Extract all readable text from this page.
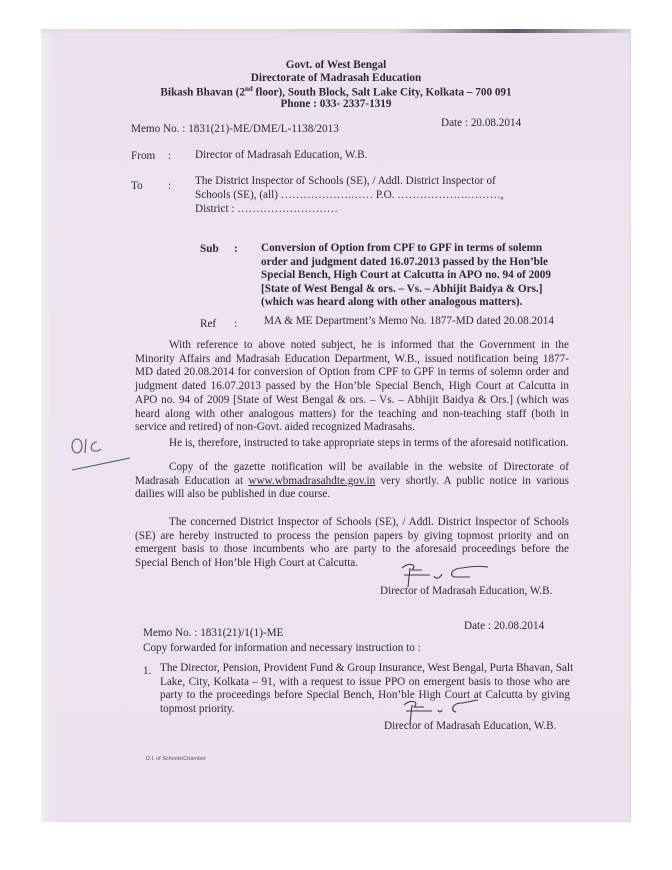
Govt. of West Bengal
Directorate of Madrasah Education
Bikash Bhavan (2nd floor), South Block, Salt Lake City, Kolkata – 700 091
Phone : 033- 2337-1319
Memo No. : 1831(21)-ME/DME/L-1138/2013	Date : 20.08.2014
From : Director of Madrasah Education, W.B.
To : The District Inspector of Schools (SE), / Addl. District Inspector of
Schools (SE), (all) ……………….…… P.O. ……………….………,
District : ………………………
Sub : Conversion of Option from CPF to GPF in terms of solemn
order and judgment dated 16.07.2013 passed by the Hon’ble
Special Bench, High Court at Calcutta in APO no. 94 of 2009
[State of West Bengal & ors. – Vs. – Abhijit Baidya & Ors.]
(which was heard along with other analogous matters).
Ref : MA & ME Department’s Memo No. 1877-MD dated 20.08.2014
With reference to above noted subject, he is informed that the Government in the
Minority Affairs and Madrasah Education Department, W.B., issued notification being 1877-
MD dated 20.08.2014 for conversion of Option from CPF to GPF in terms of solemn order and
judgment dated 16.07.2013 passed by the Hon’ble Special Bench, High Court at Calcutta in
APO no. 94 of 2009 [State of West Bengal & ors. – Vs. – Abhijit Baidya & Ors.] (which was
heard along with other analogous matters) for the teaching and non-teaching staff (both in
service and retired) of non-Govt. aided recognized Madrasahs.
He is, therefore, instructed to take appropriate steps in terms of the aforesaid notification.
Copy of the gazette notification will be available in the website of Directorate of
Madrasah Education at www.wbmadrasahdte.gov.in very shortly. A public notice in various
dailies will also be published in due course.
The concerned District Inspector of Schools (SE), / Addl. District Inspector of Schools
(SE) are hereby instructed to process the pension papers by giving topmost priority and on
emergent basis to those incumbents who are party to the aforesaid proceedings before the
Special Bench of Hon’ble High Court at Calcutta.
Director of Madrasah Education, W.B.
Memo No. : 1831(21)/1(1)-ME
Date : 20.08.2014
Copy forwarded for information and necessary instruction to :
1. The Director, Pension, Provident Fund & Group Insurance, West Bengal, Purta Bhavan, Salt
Lake, City, Kolkata – 91, with a request to issue PPO on emergent basis to those who are
party to the proceedings before Special Bench, Hon’ble High Court at Calcutta by giving
topmost priority.
Director of Madrasah Education, W.B.
D.I. of Schools\Chamber
